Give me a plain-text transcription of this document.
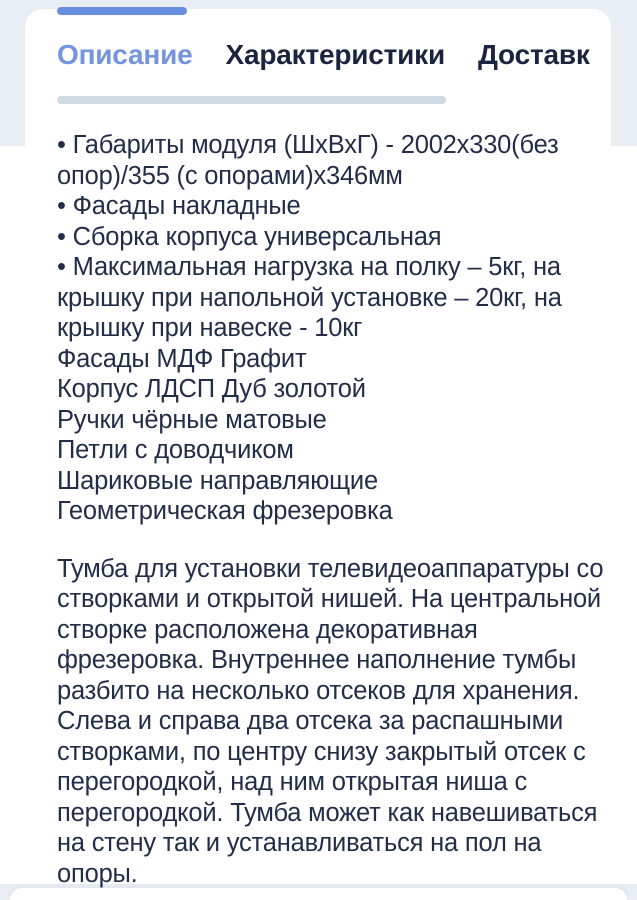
Описание Характеристики Доставк
• Габариты модуля (ШхВхГ) - 2002х330(без опор)/355 (с опорами)х346мм
• Фасады накладные
• Сборка корпуса универсальная
• Максимальная нагрузка на полку – 5кг, на крышку при напольной установке – 20кг, на крышку при навеске - 10кг
Фасады МДФ Графит
Корпус ЛДСП Дуб золотой
Ручки чёрные матовые
Петли с доводчиком
Шариковые направляющие
Геометрическая фрезеровка

Тумба для установки телевидеоаппаратуры со створками и открытой нишей. На центральной створке расположена декоративная фрезеровка. Внутреннее наполнение тумбы разбито на несколько отсеков для хранения. Слева и справа два отсека за распашными створками, по центру снизу закрытый отсек с перегородкой, над ним открытая ниша с перегородкой. Тумба может как навешиваться на стену так и устанавливаться на пол на опоры.
